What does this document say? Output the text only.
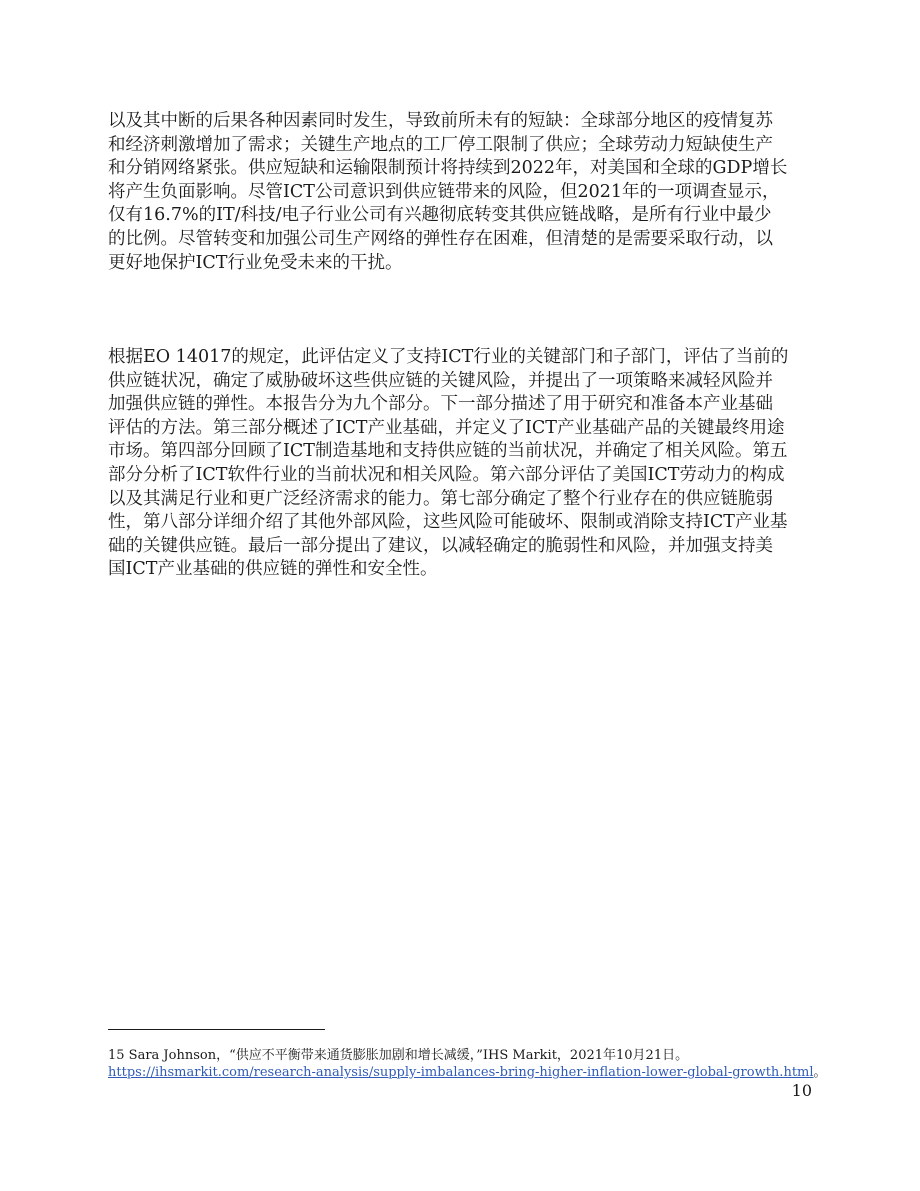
以及其中断的后果各种因素同时发生，导致前所未有的短缺：全球部分地区的疫情复苏
和经济刺激增加了需求；关键生产地点的工厂停工限制了供应；全球劳动力短缺使生产
和分销网络紧张。供应短缺和运输限制预计将持续到2022年，对美国和全球的GDP增长
将产生负面影响。尽管ICT公司意识到供应链带来的风险，但2021年的一项调查显示，
仅有16.7%的IT/科技/电子行业公司有兴趣彻底转变其供应链战略，是所有行业中最少
的比例。尽管转变和加强公司生产网络的弹性存在困难，但清楚的是需要采取行动，以
更好地保护ICT行业免受未来的干扰。
根据EO 14017的规定，此评估定义了支持ICT行业的关键部门和子部门，评估了当前的
供应链状况，确定了威胁破坏这些供应链的关键风险，并提出了一项策略来减轻风险并
加强供应链的弹性。本报告分为九个部分。下一部分描述了用于研究和准备本产业基础
评估的方法。第三部分概述了ICT产业基础，并定义了ICT产业基础产品的关键最终用途
市场。第四部分回顾了ICT制造基地和支持供应链的当前状况，并确定了相关风险。第五
部分分析了ICT软件行业的当前状况和相关风险。第六部分评估了美国ICT劳动力的构成
以及其满足行业和更广泛经济需求的能力。第七部分确定了整个行业存在的供应链脆弱
性，第八部分详细介绍了其他外部风险，这些风险可能破坏、限制或消除支持ICT产业基
础的关键供应链。最后一部分提出了建议，以减轻确定的脆弱性和风险，并加强支持美
国ICT产业基础的供应链的弹性和安全性。
15 Sara Johnson，“供应不平衡带来通货膨胀加剧和增长减缓，”IHS Markit，2021年10月21日。
https://ihsmarkit.com/research-analysis/supply-imbalances-bring-higher-inflation-lower-global-growth.html。
10
